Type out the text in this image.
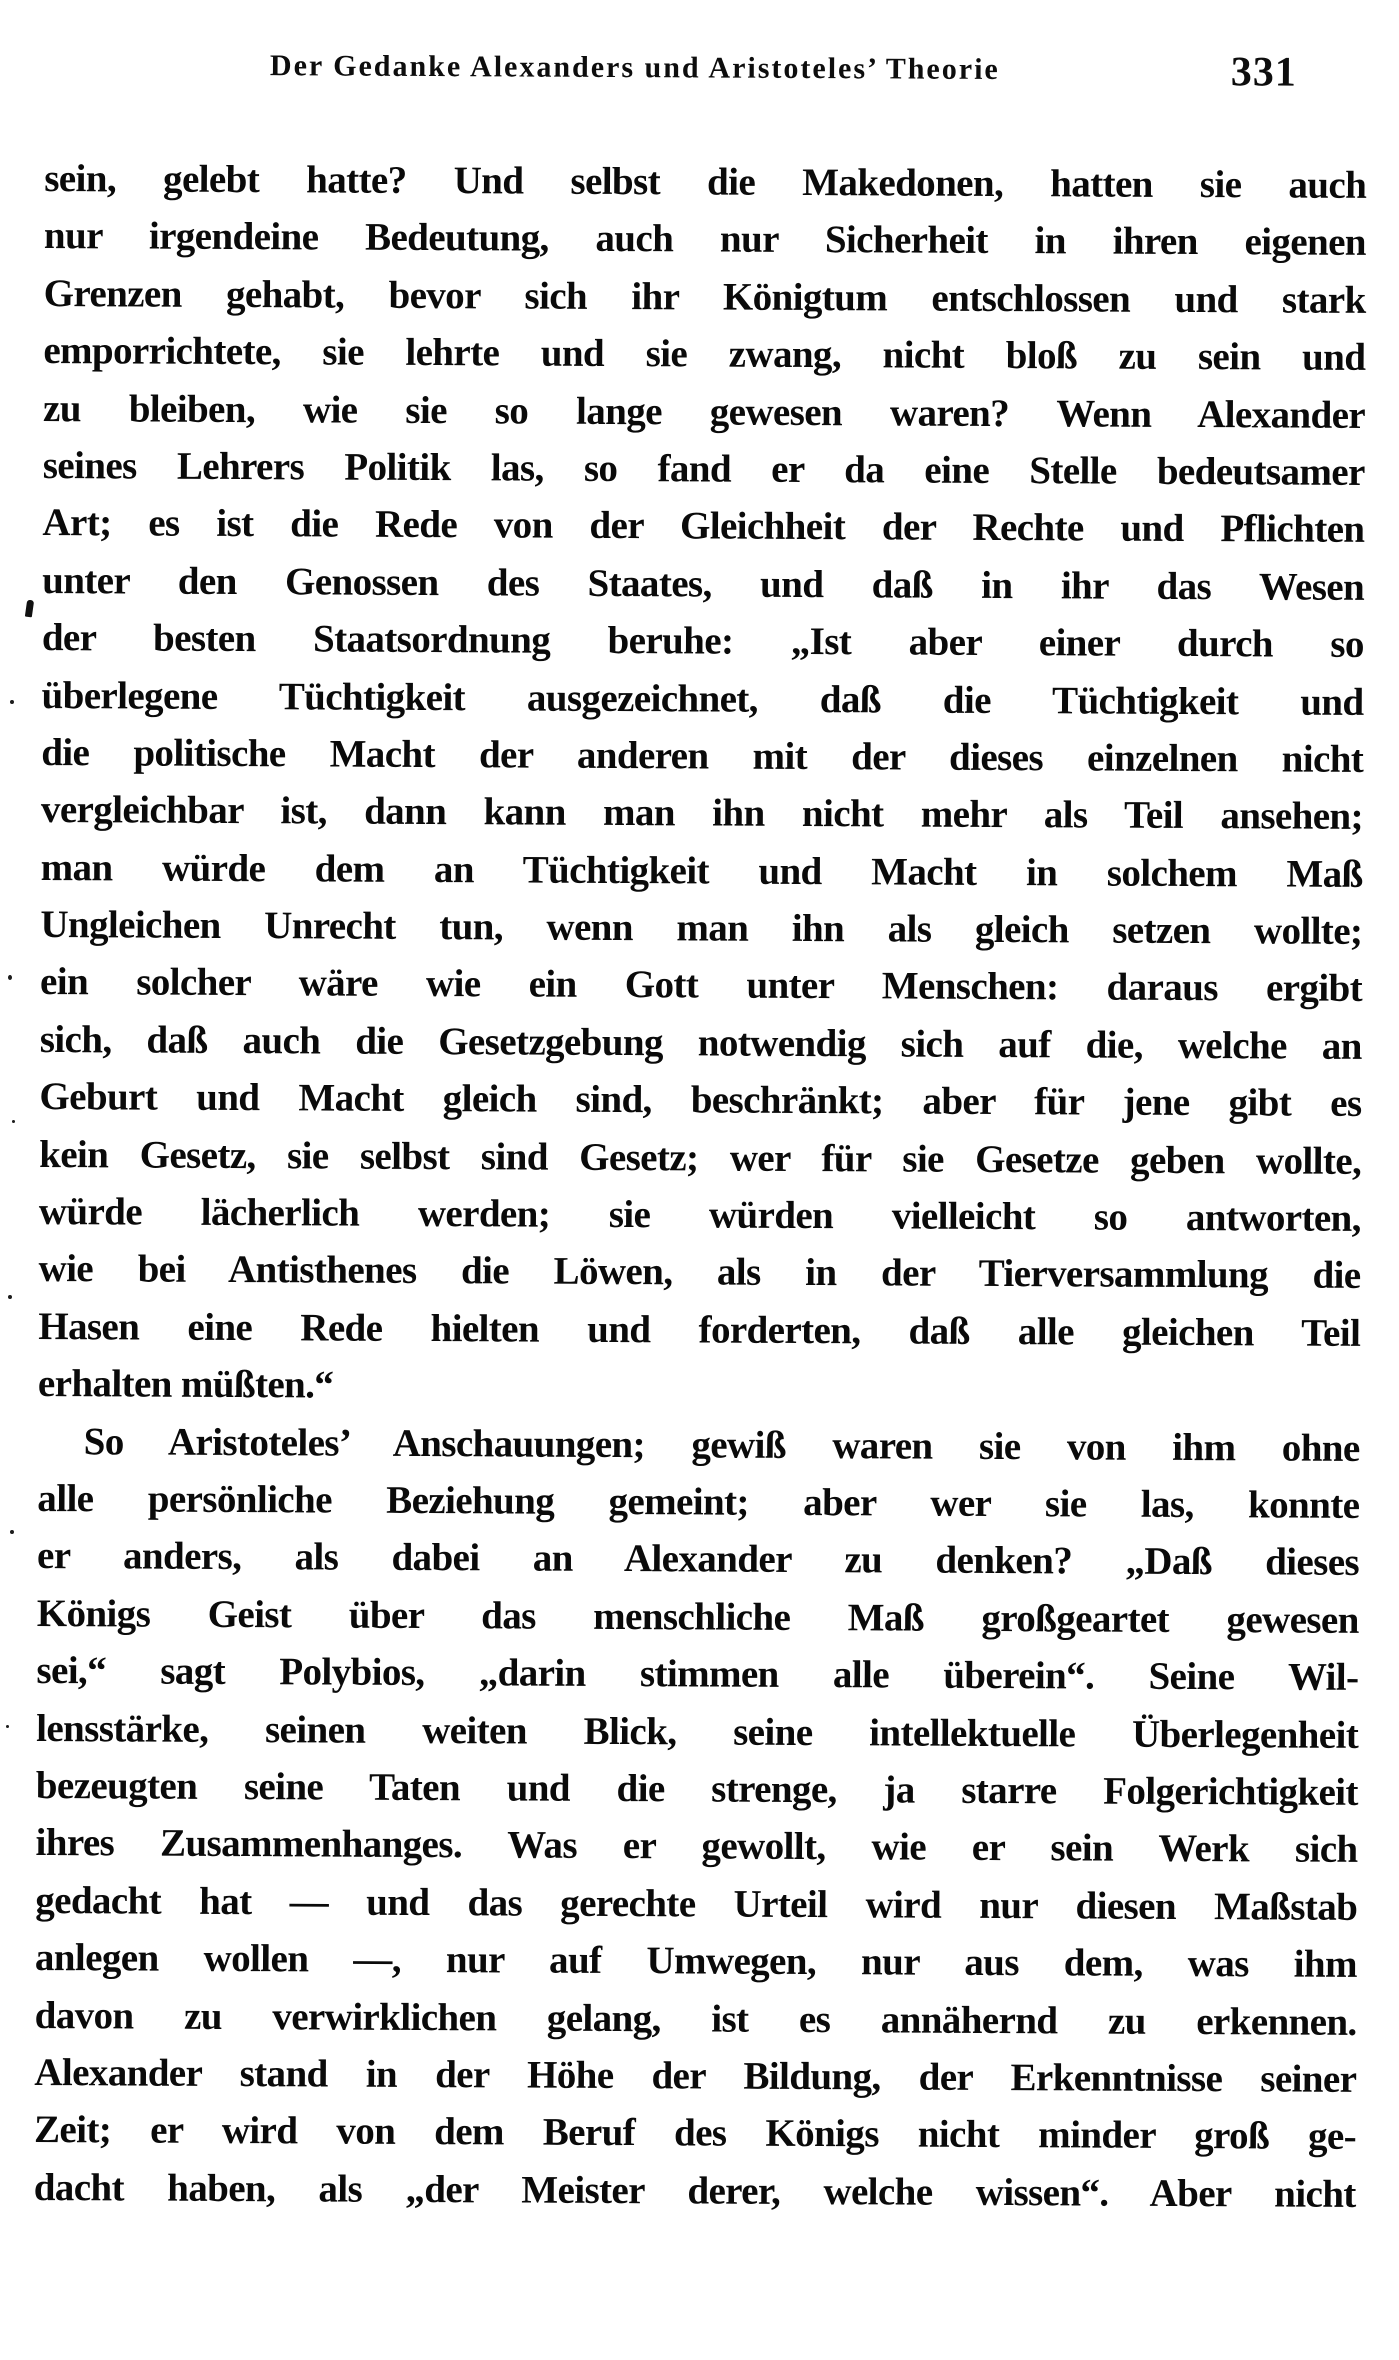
Der Gedanke Alexanders und Aristoteles’ Theorie	331
sein, gelebt hatte? Und selbst die Makedonen, hatten sie auch
nur irgendeine Bedeutung, auch nur Sicherheit in ihren eigenen
Grenzen gehabt, bevor sich ihr Königtum entschlossen und stark
emporrichtete, sie lehrte und sie zwang, nicht bloß zu sein und
zu bleiben, wie sie so lange gewesen waren? Wenn Alexander
seines Lehrers Politik las, so fand er da eine Stelle bedeutsamer
Art; es ist die Rede von der Gleichheit der Rechte und Pflichten
unter den Genossen des Staates, und daß in ihr das Wesen
der besten Staatsordnung beruhe: „Ist aber einer durch so
überlegene Tüchtigkeit ausgezeichnet, daß die Tüchtigkeit und
die politische Macht der anderen mit der dieses einzelnen nicht
vergleichbar ist, dann kann man ihn nicht mehr als Teil ansehen;
man würde dem an Tüchtigkeit und Macht in solchem Maß
Ungleichen Unrecht tun, wenn man ihn als gleich setzen wollte;
ein solcher wäre wie ein Gott unter Menschen: daraus ergibt
sich, daß auch die Gesetzgebung notwendig sich auf die, welche an
Geburt und Macht gleich sind, beschränkt; aber für jene gibt es
kein Gesetz, sie selbst sind Gesetz; wer für sie Gesetze geben wollte,
würde lächerlich werden; sie würden vielleicht so antworten,
wie bei Antisthenes die Löwen, als in der Tierversammlung die
Hasen eine Rede hielten und forderten, daß alle gleichen Teil
erhalten müßten.“
So Aristoteles’ Anschauungen; gewiß waren sie von ihm ohne
alle persönliche Beziehung gemeint; aber wer sie las, konnte
er anders, als dabei an Alexander zu denken? „Daß dieses
Königs Geist über das menschliche Maß großgeartet gewesen
sei,“ sagt Polybios, „darin stimmen alle überein“. Seine Wil-
lensstärke, seinen weiten Blick, seine intellektuelle Überlegenheit
bezeugten seine Taten und die strenge, ja starre Folgerichtigkeit
ihres Zusammenhanges. Was er gewollt, wie er sein Werk sich
gedacht hat — und das gerechte Urteil wird nur diesen Maßstab
anlegen wollen —, nur auf Umwegen, nur aus dem, was ihm
davon zu verwirklichen gelang, ist es annähernd zu erkennen.
Alexander stand in der Höhe der Bildung, der Erkenntnisse seiner
Zeit; er wird von dem Beruf des Königs nicht minder groß ge-
dacht haben, als „der Meister derer, welche wissen“. Aber nicht
